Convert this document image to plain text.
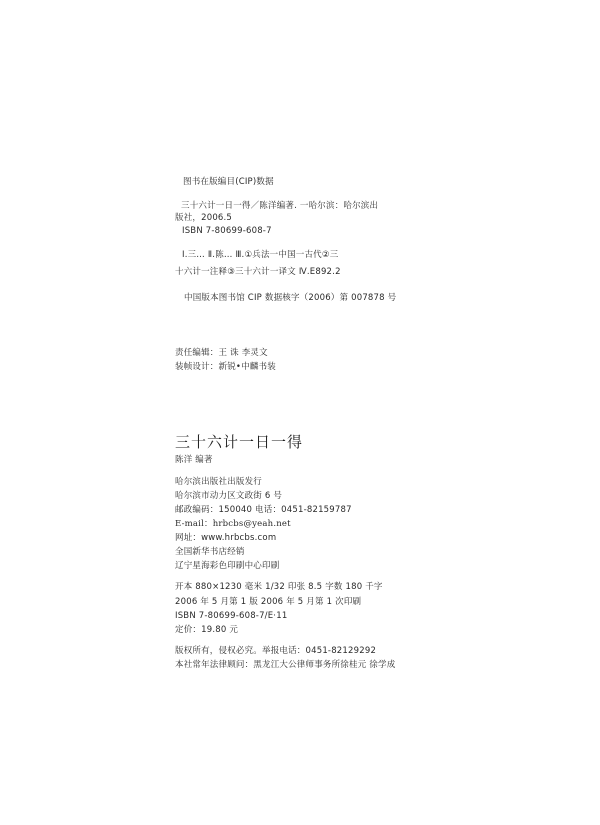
图书在版编目(CIP)数据
三十六计一日一得／陈洋编著. 一哈尔滨：哈尔滨出
版社，2006.5
ISBN 7-80699-608-7
Ⅰ.三… Ⅱ.陈… Ⅲ.①兵法一中国一古代②三
十六计一注释③三十六计一译文 Ⅳ.E892.2
中国版本图书馆 CIP 数据核字（2006）第 007878 号
责任编辑：王 诛 李灵文
装帧设计：新锐•中麟书装
三十六计一日一得
陈洋 编著
哈尔滨出版社出版发行
哈尔滨市动力区文政街 6 号
邮政编码：150040 电话：0451-82159787
E-mail：hrbcbs@yeah.net
网址：www.hrbcbs.com
全国新华书店经销
辽宁星海彩色印刷中心印刷
开本 880×1230 毫米 1/32 印张 8.5 字数 180 千字
2006 年 5 月第 1 版 2006 年 5 月第 1 次印刷
ISBN 7-80699-608-7/E·11
定价：19.80 元
版权所有，侵权必究。举报电话：0451-82129292
本社常年法律顾问：黑龙江大公律师事务所徐桂元 徐学成
